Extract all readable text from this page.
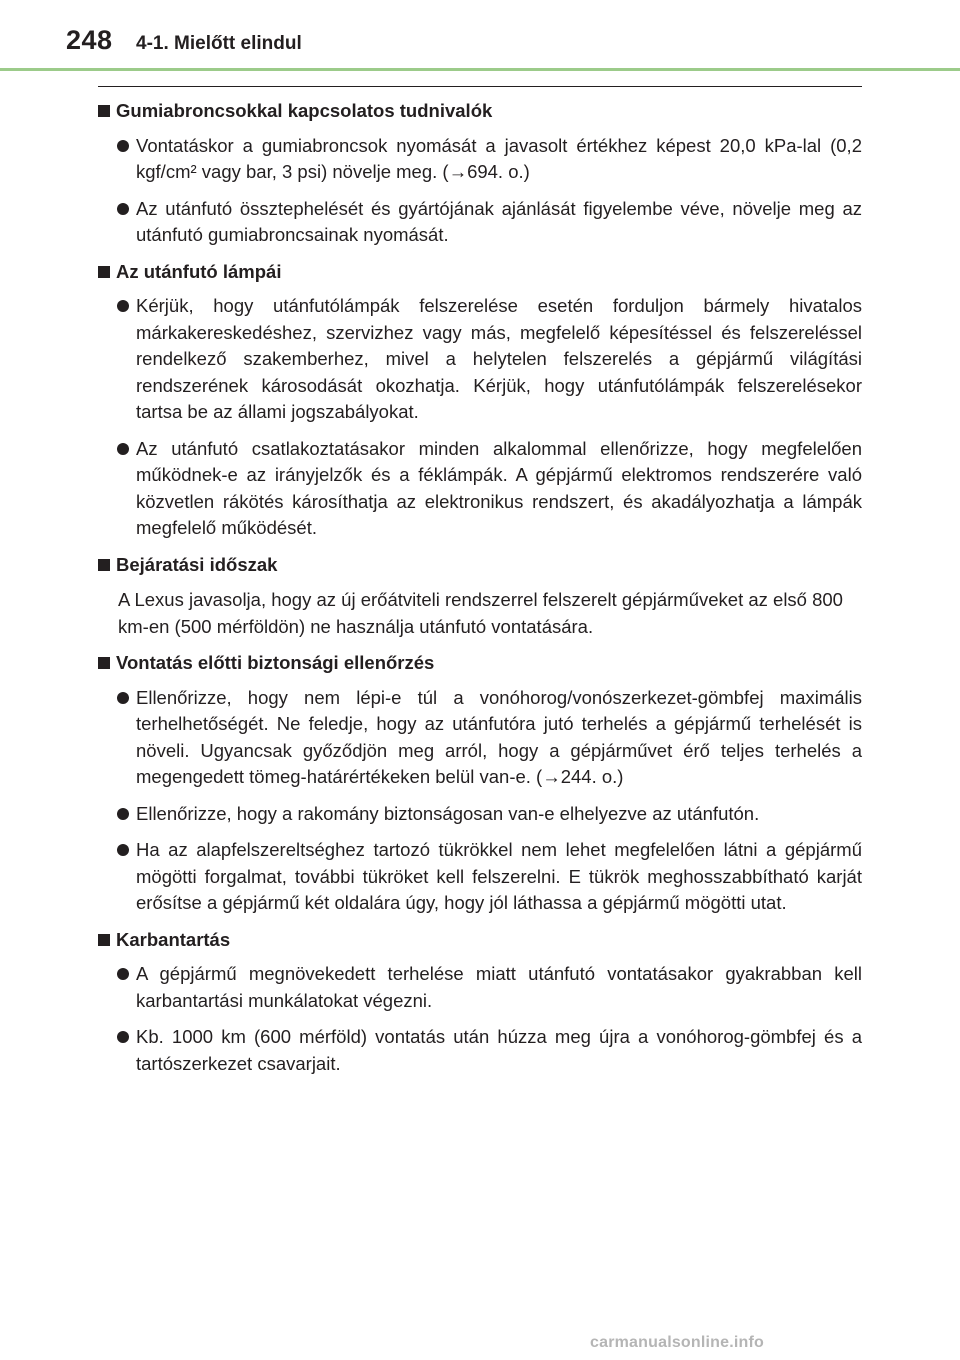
248 4-1. Mielőtt elindul
Gumiabroncsokkal kapcsolatos tudnivalók
Vontatáskor a gumiabroncsok nyomását a javasolt értékhez képest 20,0 kPa-lal (0,2 kgf/cm² vagy bar, 3 psi) növelje meg. (→694. o.)
Az utánfutó össztерhelését és gyártójának ajánlását figyelembe véve, növelje meg az utánfutó gumiabroncsainak nyomását.
Az utánfutó lámpái
Kérjük, hogy utánfutólámpák felszerelése esetén forduljon bármely hivatalos márkakereskedéshez, szervizhez vagy más, megfelelő képesítéssel és felszereléssel rendelkező szakemberhez, mivel a helytelen felszerelés a gépjármű világítási rendszerének károsodását okozhatja. Kérjük, hogy utánfutólámpák felszerelésekor tartsa be az állami jogszabályokat.
Az utánfutó csatlakoztatásakor minden alkalommal ellenőrizze, hogy megfelelően működnek-e az irányjelzők és a féklámpák. A gépjármű elektromos rendszerére való közvetlen rákötés károsíthatja az elektronikus rendszert, és akadályozhatja a lámpák megfelelő működését.
Bejáratási időszak
A Lexus javasolja, hogy az új erőátviteli rendszerrel felszerelt gépjárműveket az első 800 km-en (500 mérföldön) ne használja utánfutó vontatására.
Vontatás előtti biztonsági ellenőrzés
Ellenőrizze, hogy nem lépi-e túl a vonóhorog/vonószerkezet-gömbfej maximális terhelhetőségét. Ne feledje, hogy az utánfutóra jutó terhelés a gépjármű terhelését is növeli. Ugyancsak győződjön meg arról, hogy a gépjárművet érő teljes terhelés a megengedett tömeg-határértékeken belül van-e. (→244. o.)
Ellenőrizze, hogy a rakomány biztonságosan van-e elhelyezve az utánfutón.
Ha az alapfelszereltséghez tartozó tükrökkel nem lehet megfelelően látni a gépjármű mögötti forgalmat, további tükröket kell felszerelni. E tükrök meghosszabbítható karját erősítse a gépjármű két oldalára úgy, hogy jól láthassa a gépjármű mögötti utat.
Karbantartás
A gépjármű megnövekedett terhelése miatt utánfutó vontatásakor gyakrabban kell karbantartási munkálatokat végezni.
Kb. 1000 km (600 mérföld) vontatás után húzza meg újra a vonóhorog-gömbfej és a tartószerkezet csavarjait.
carmanualsonline.info
